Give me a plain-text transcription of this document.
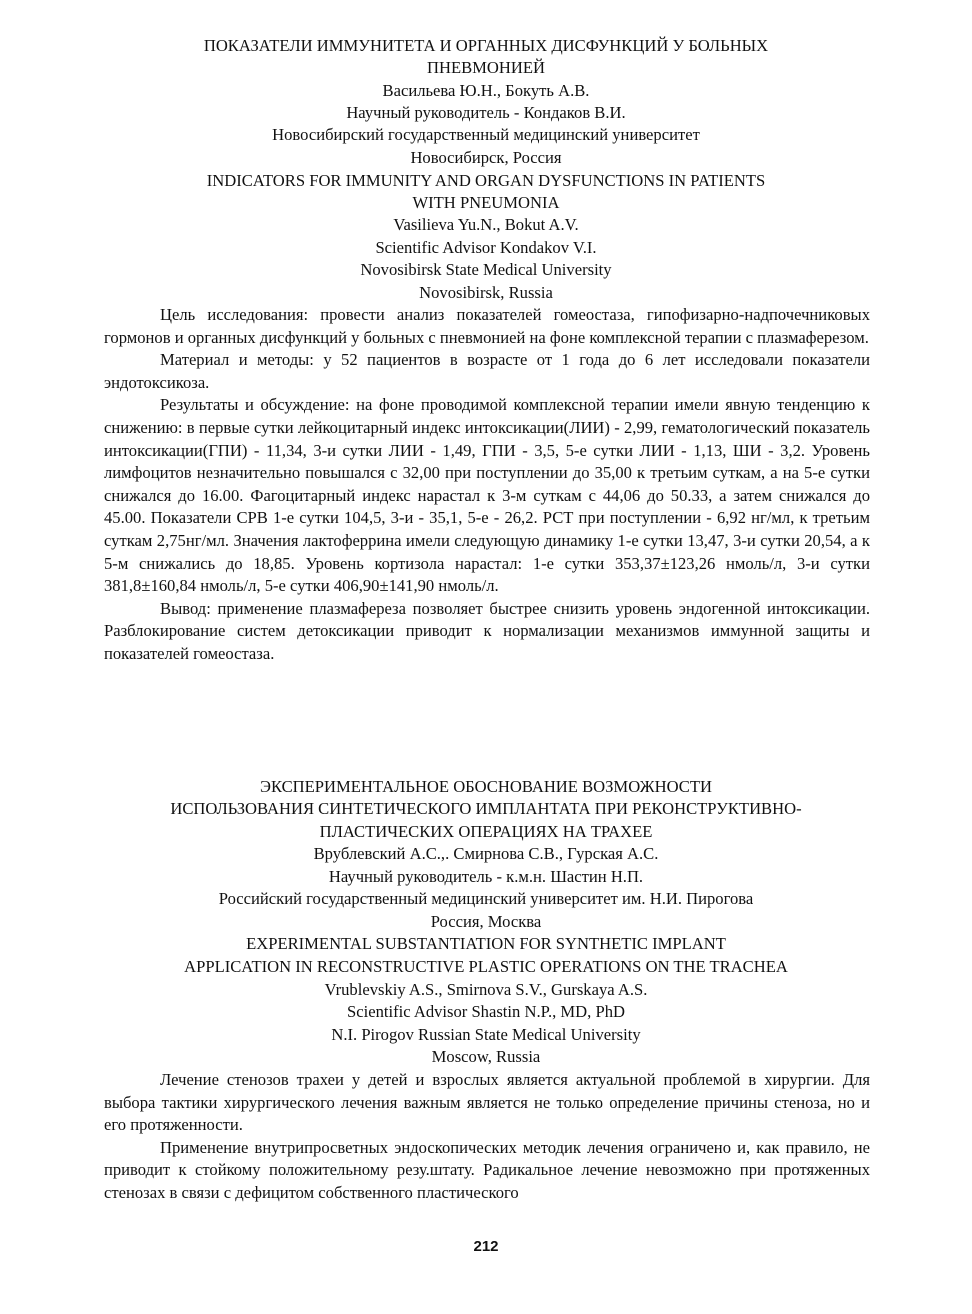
ПОКАЗАТЕЛИ ИММУНИТЕТА И ОРГАННЫХ ДИСФУНКЦИЙ У БОЛЬНЫХ
ПНЕВМОНИЕЙ
Васильева Ю.Н., Бокуть А.В.
Научный руководитель - Кондаков В.И.
Новосибирский государственный медицинский университет
Новосибирск, Россия
INDICATORS FOR IMMUNITY AND ORGAN DYSFUNCTIONS IN PATIENTS
WITH PNEUMONIA
Vasilieva Yu.N., Bokut A.V.
Scientific Advisor Kondakov V.I.
Novosibirsk State Medical University
Novosibirsk, Russia

Цель исследования: провести анализ показателей гомеостаза, гипофизарно-надпочечниковых гормонов и органных дисфункций у больных с пневмонией на фоне комплексной терапии с плазмаферезом.

Материал и методы: у 52 пациентов в возрасте от 1 года до 6 лет исследовали показатели эндотоксикоза.

Результаты и обсуждение: на фоне проводимой комплексной терапии имели явную тенденцию к снижению: в первые сутки лейкоцитарный индекс интоксикации(ЛИИ) - 2,99, гематологический показатель интоксикации(ГПИ) - 11,34, 3-и сутки ЛИИ - 1,49, ГПИ - 3,5, 5-е сутки ЛИИ - 1,13, ШИ - 3,2. Уровень лимфоцитов незначительно повышался с 32,00 при поступлении до 35,00 к третьим суткам, а на 5-е сутки снижался до 16.00. Фагоцитарный индекс нарастал к 3-м суткам с 44,06 до 50.33, а затем снижался до 45.00. Показатели СРВ 1-е сутки 104,5, 3-и - 35,1, 5-е - 26,2. РСТ при поступлении - 6,92 нг/мл, к третьим суткам 2,75нг/мл. Значения лактоферрина имели следующую динамику 1-е сутки 13,47, 3-и сутки 20,54, а к 5-м снижались до 18,85. Уровень кортизола нарастал: 1-е сутки 353,37±123,26 нмоль/л, 3-и сутки 381,8±160,84 нмоль/л, 5-е сутки 406,90±141,90 нмоль/л.

Вывод: применение плазмафереза позволяет быстрее снизить уровень эндогенной интоксикации. Разблокирование систем детоксикации приводит к нормализации механизмов иммунной защиты и показателей гомеостаза.

ЭКСПЕРИМЕНТАЛЬНОЕ ОБОСНОВАНИЕ ВОЗМОЖНОСТИ
ИСПОЛЬЗОВАНИЯ СИНТЕТИЧЕСКОГО ИМПЛАНТАТА ПРИ РЕКОНСТРУКТИВНО-
ПЛАСТИЧЕСКИХ ОПЕРАЦИЯХ НА ТРАХЕЕ
Врублевский А.С.,. Смирнова С.В., Гурская А.С.
Научный руководитель - к.м.н. Шастин Н.П.
Российский государственный медицинский университет им. Н.И. Пирогова
Россия, Москва
EXPERIMENTAL SUBSTANTIATION FOR SYNTHETIC IMPLANT
APPLICATION IN RECONSTRUCTIVE PLASTIC OPERATIONS ON THE TRACHEA
Vrublevskiy A.S., Smirnova S.V., Gurskaya A.S.
Scientific Advisor Shastin N.P., MD, PhD
N.I. Pirogov Russian State Medical University
Moscow, Russia

Лечение стенозов трахеи у детей и взрослых является актуальной проблемой в хирургии. Для выбора тактики хирургического лечения важным является не только определение причины стеноза, но и его протяженности.

Применение внутрипросветных эндоскопических методик лечения ограничено и, как правило, не приводит к стойкому положительному резу.штату. Радикальное лечение невозможно при протяженных стенозах в связи с дефицитом собственного пластического

212
